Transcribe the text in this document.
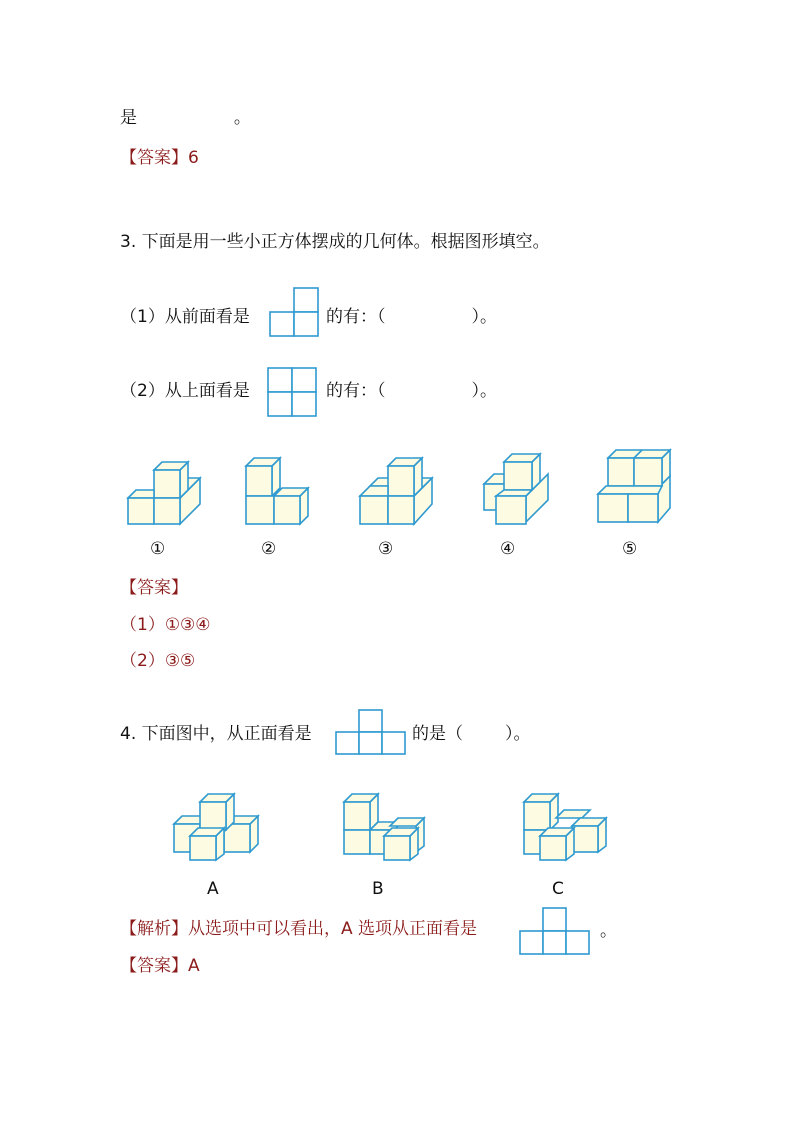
是	。
【答案】6
3. 下面是用一些小正方体摆成的几何体。根据图形填空。
（1）从前面看是	的有：（	）。
（2）从上面看是	的有：（	）。
①	②	③	④	⑤
【答案】
（1）①③④
（2）③⑤
4. 下面图中，从正面看是	的是（ ）。
A	B	C
【解析】从选项中可以看出，A 选项从正面看是	。
【答案】A
